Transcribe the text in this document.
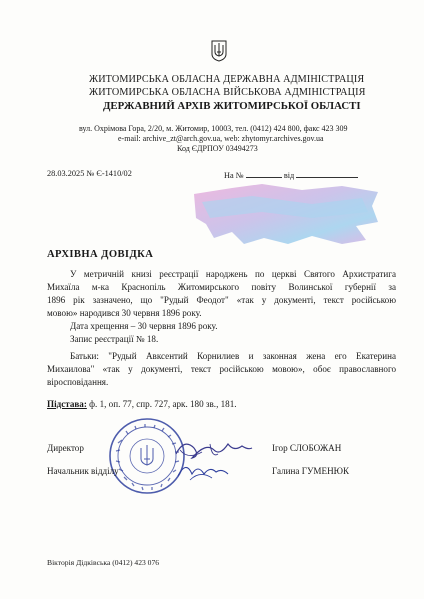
ЖИТОМИРСЬКА ОБЛАСНА ДЕРЖАВНА АДМІНІСТРАЦІЯ
ЖИТОМИРСЬКА ОБЛАСНА ВІЙСЬКОВА АДМІНІСТРАЦІЯ
ДЕРЖАВНИЙ АРХІВ ЖИТОМИРСЬКОЇ ОБЛАСТІ
вул. Охрімова Гора, 2/20, м. Житомир, 10003, тел. (0412) 424 800, факс 423 309
e-mail: archive_zt@arch.gov.ua, web: zhytomyr.archives.gov.ua
Код ЄДРПОУ 03494273
28.03.2025 № Є-1410/02	На №	від
АРХІВНА ДОВІДКА
У метричній книзі реєстрації народжень по церкві Святого Архистратига
Михаїла м-ка Краснопіль Житомирського повіту Волинської губернії за
1896 рік зазначено, що "Рудый Феодот" «так у документі, текст російською
мовою» народився 30 червня 1896 року.
Дата хрещення – 30 червня 1896 року.
Запис реєстрації № 18.
Батьки: "Рудый Авксентий Корнилиев и законная жена его Екатерина
Михаилова" «так у документі, текст російською мовою», обоє православного
віросповідання.
Підстава: ф. 1, оп. 77, спр. 727, арк. 180 зв., 181.
Директор	Ігор СЛОБОЖАН
Начальник відділу	Галина ГУМЕНЮК
Вікторія Дідківська (0412) 423 076
